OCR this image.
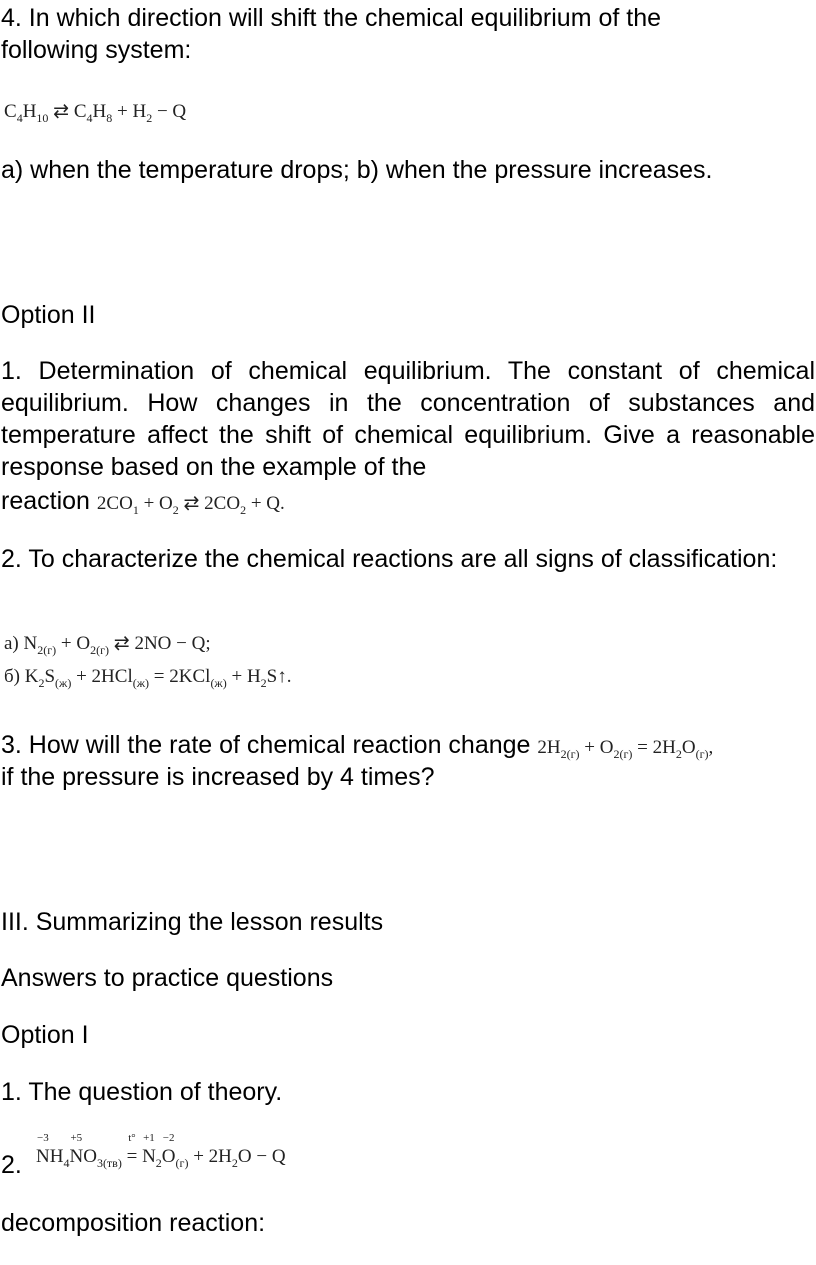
4. In which direction will shift the chemical equilibrium of the

following system:

$C_4H_{10}$ ⇄ $C_4H_8 + H_2 - Q$

a) when the temperature drops; b) when the pressure increases.

Option II

1. Determination of chemical equilibrium. The constant of chemical equilibrium. How changes in the concentration of substances and temperature affect the shift of chemical equilibrium. Give a reasonable response based on the example of the

reaction $2CO_1 + O_2$ ⇄ $2CO_2 + Q$.

2. To characterize the chemical reactions are all signs of classification:

а) $N_{2(г)} + O_{2(г)}$ ⇄ 2NO − Q;
б) $K_2S_{(ж)} + 2HCl_{(ж)} = 2KCl_{(ж)}$ + $H_2S↑$.

3. How will the rate of chemical reaction change $2H_{2(г)} + O_{2(г)} = 2H_2O_{(г)}$,

if the pressure is increased by 4 times?

III. Summarizing the lesson results

Answers to practice questions

Option I

1. The question of theory.

2.

−3
$NH_4$
+5
$NO_{3(тв)}$
t°
=
+1
$N_2$
−2
$O_{(г)} + 2H_2O - Q$

decomposition reaction:
